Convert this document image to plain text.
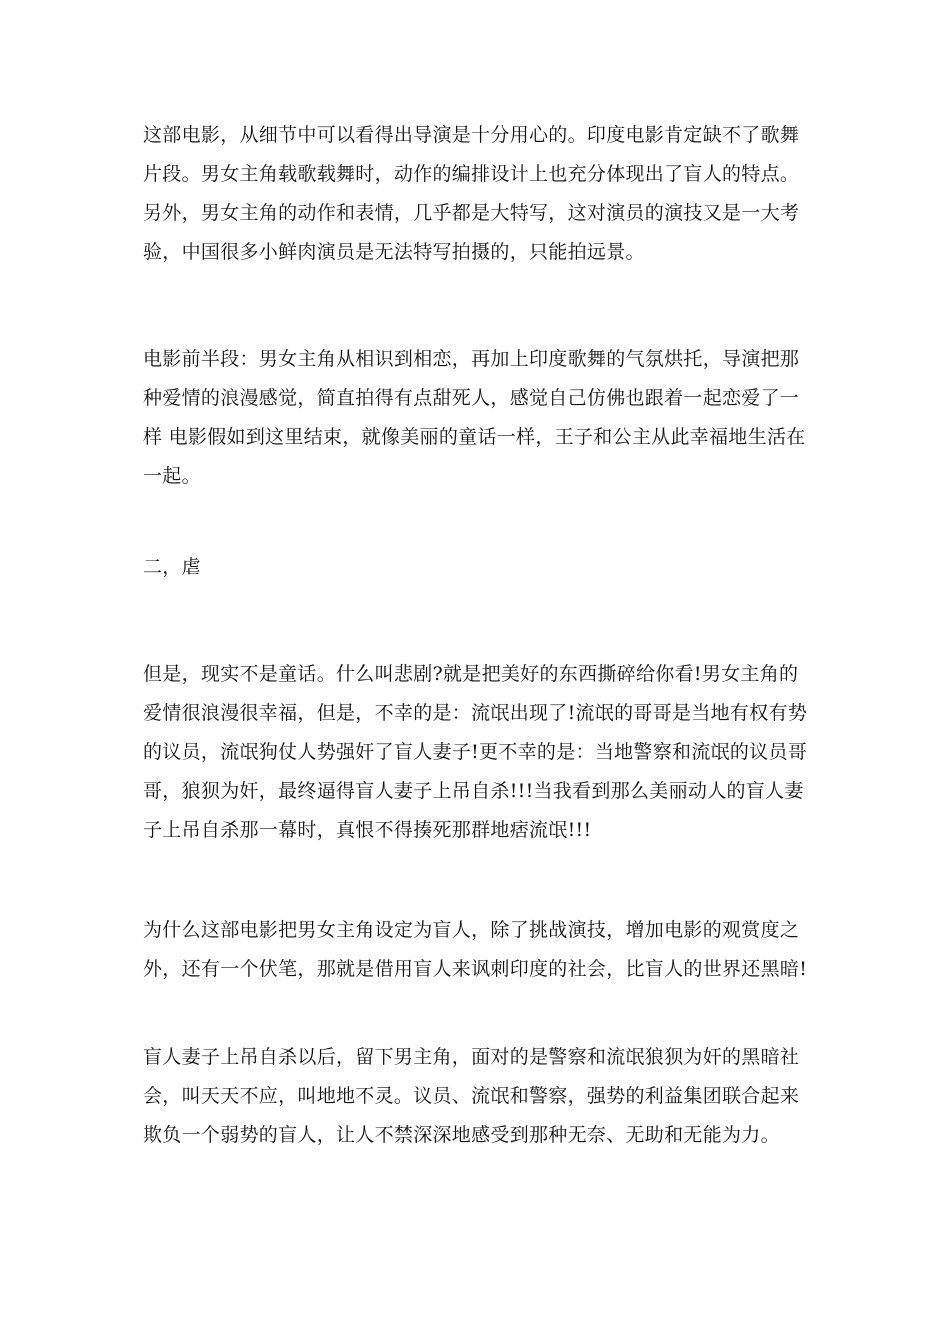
这部电影，从细节中可以看得出导演是十分用心的。印度电影肯定缺不了歌舞
片段。男女主角载歌载舞时，动作的编排设计上也充分体现出了盲人的特点。
另外，男女主角的动作和表情，几乎都是大特写，这对演员的演技又是一大考
验，中国很多小鲜肉演员是无法特写拍摄的，只能拍远景。
电影前半段：男女主角从相识到相恋，再加上印度歌舞的气氛烘托，导演把那
种爱情的浪漫感觉，简直拍得有点甜死人，感觉自己仿佛也跟着一起恋爱了一
样 电影假如到这里结束，就像美丽的童话一样，王子和公主从此幸福地生活在
一起。
二，虐
但是，现实不是童话。什么叫悲剧?就是把美好的东西撕碎给你看!男女主角的
爱情很浪漫很幸福，但是，不幸的是：流氓出现了!流氓的哥哥是当地有权有势
的议员，流氓狗仗人势强奸了盲人妻子!更不幸的是：当地警察和流氓的议员哥
哥，狼狈为奸，最终逼得盲人妻子上吊自杀!!!当我看到那么美丽动人的盲人妻
子上吊自杀那一幕时，真恨不得揍死那群地痞流氓!!!
为什么这部电影把男女主角设定为盲人，除了挑战演技，增加电影的观赏度之
外，还有一个伏笔，那就是借用盲人来讽刺印度的社会，比盲人的世界还黑暗!
盲人妻子上吊自杀以后，留下男主角，面对的是警察和流氓狼狈为奸的黑暗社
会，叫天天不应，叫地地不灵。议员、流氓和警察，强势的利益集团联合起来
欺负一个弱势的盲人，让人不禁深深地感受到那种无奈、无助和无能为力。
